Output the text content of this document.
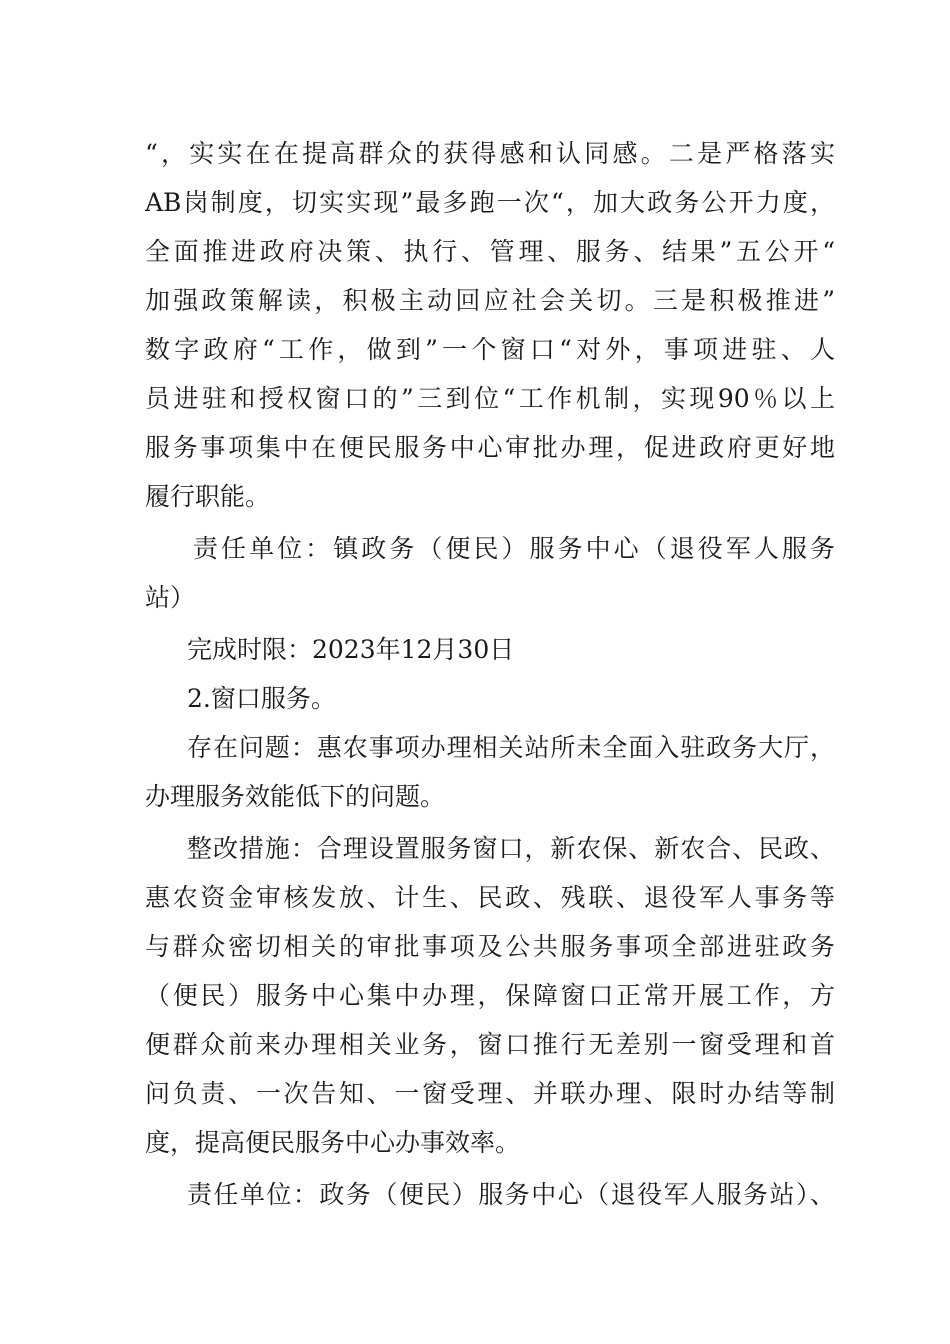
“，实实在在提高群众的获得感和认同感。二是严格落实
AB岗制度，切实实现”最多跑一次“，加大政务公开力度，
全面推进政府决策、执行、管理、服务、结果”五公开“
加强政策解读，积极主动回应社会关切。三是积极推进”
数字政府“工作，做到”一个窗口“对外，事项进驻、人
员进驻和授权窗口的”三到位“工作机制，实现90％以上
服务事项集中在便民服务中心审批办理，促进政府更好地
履行职能。
责任单位：镇政务（便民）服务中心（退役军人服务
站）
完成时限：2023年12月30日
2.窗口服务。
存在问题：惠农事项办理相关站所未全面入驻政务大厅，
办理服务效能低下的问题。
整改措施：合理设置服务窗口，新农保、新农合、民政、
惠农资金审核发放、计生、民政、残联、退役军人事务等
与群众密切相关的审批事项及公共服务事项全部进驻政务
（便民）服务中心集中办理，保障窗口正常开展工作，方
便群众前来办理相关业务，窗口推行无差别一窗受理和首
问负责、一次告知、一窗受理、并联办理、限时办结等制
度，提高便民服务中心办事效率。
责任单位：政务（便民）服务中心（退役军人服务站）、
